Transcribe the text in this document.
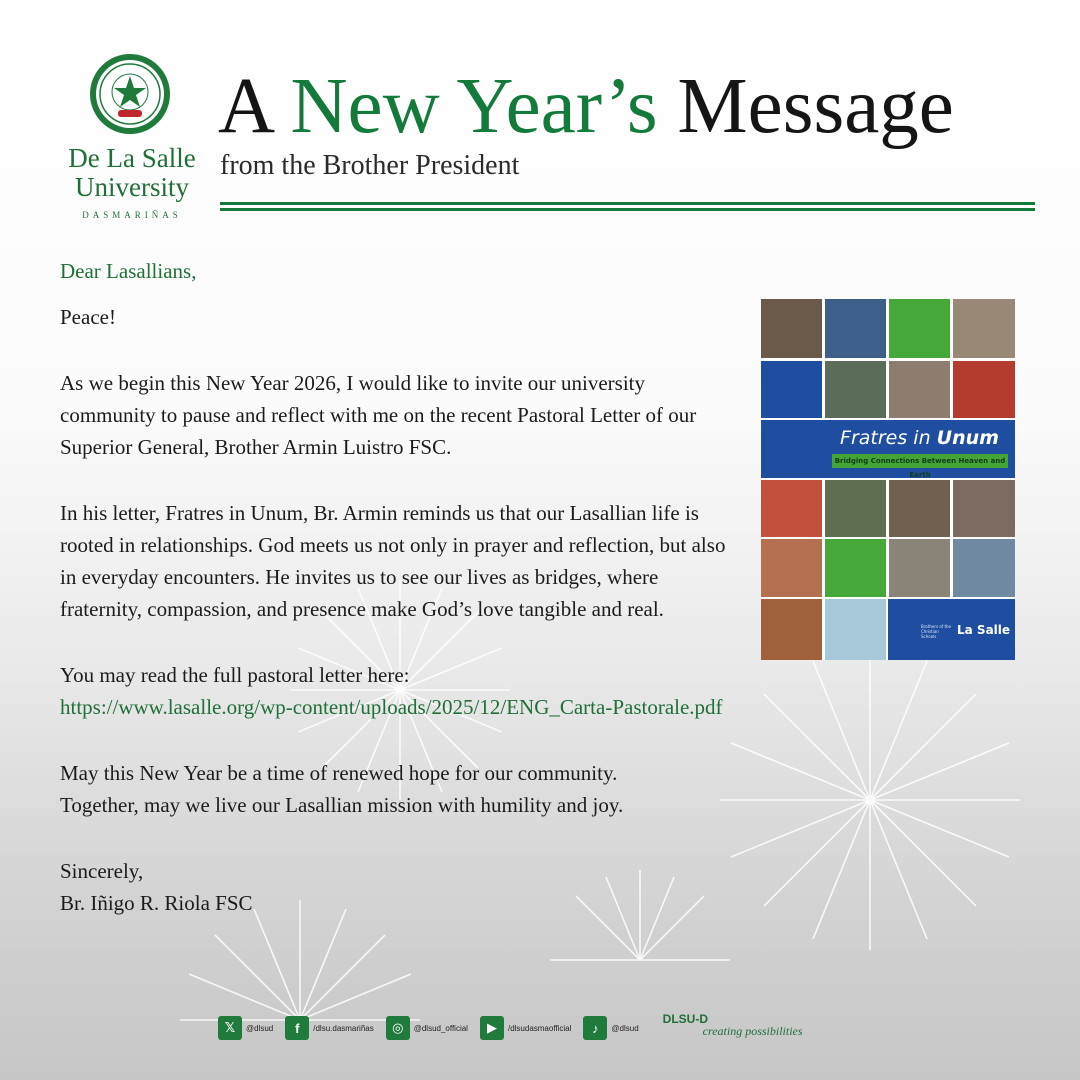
De La Salle
University
DASMARIÑAS
A New Year’s Message
from the Brother President

Dear Lasallians,

Peace!

As we begin this New Year 2026, I would like to invite our university community to pause and reflect with me on the recent Pastoral Letter of our Superior General, Brother Armin Luistro FSC.

In his letter, Fratres in Unum, Br. Armin reminds us that our Lasallian life is rooted in relationships. God meets us not only in prayer and reflection, but also in everyday encounters. He invites us to see our lives as bridges, where fraternity, compassion, and presence make God’s love tangible and real.

You may read the full pastoral letter here:

https://www.lasalle.org/wp-content/uploads/2025/12/ENG_Carta-Pastorale.pdf

May this New Year be a time of renewed hope for our community.

Together, may we live our Lasallian mission with humility and joy.

Sincerely,

Br. Iñigo R. Riola FSC

Fratres in Unum
Bridging Connections Between Heaven and Earth
Brothers of the Christian Schools	La Salle
𝕏	@dlsud	f	/dlsu.dasmariñas	◎	@dlsud_official	▶	/dlsudasmaofficial	♪	@dlsud
DLSU-D
creating possibilities
